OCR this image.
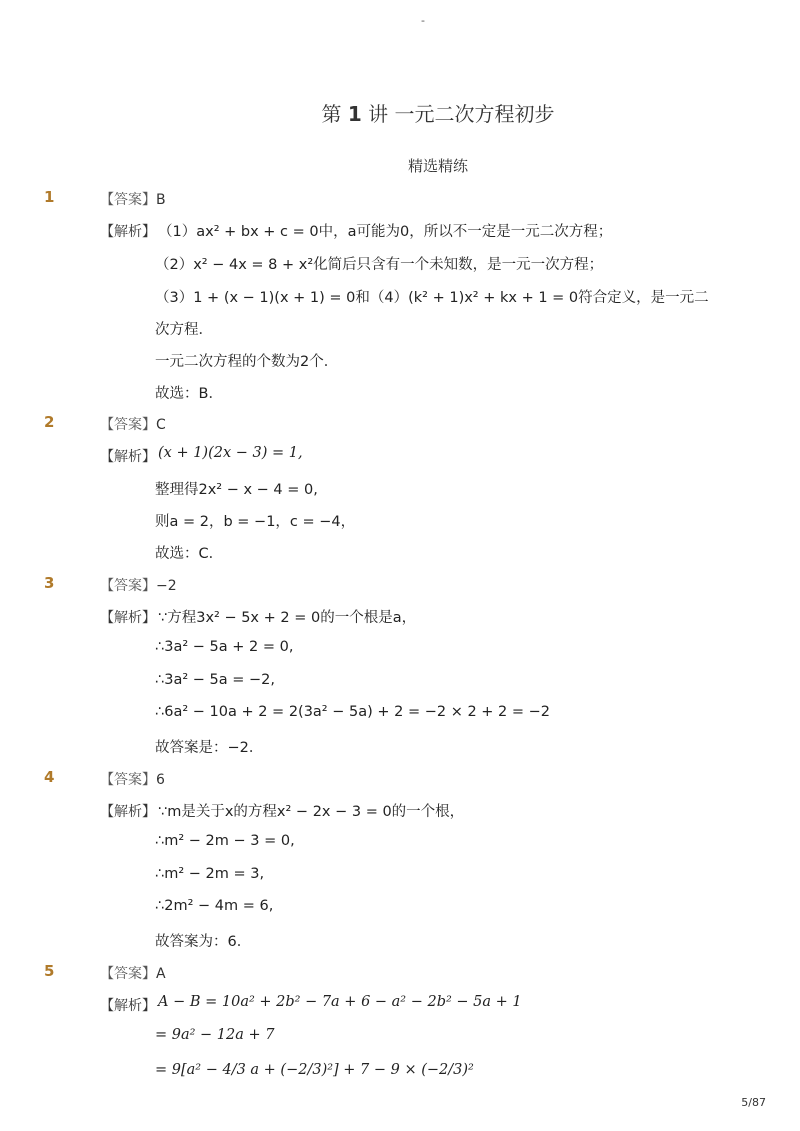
-
第 1 讲 一元二次方程初步
精选精练
1	【答案】B
【解析】 （1）ax² + bx + c = 0中，a可能为0，所以不一定是一元二次方程；
（2）x² − 4x = 8 + x²化简后只含有一个未知数，是一元一次方程；
（3）1 + (x − 1)(x + 1) = 0和（4）(k² + 1)x² + kx + 1 = 0符合定义，是一元二
次方程．
一元二次方程的个数为2个．
故选：B．
2	【答案】C
【解析】 (x + 1)(2x − 3) = 1,
整理得2x² − x − 4 = 0,
则a = 2，b = −1，c = −4，
故选：C．
3	【答案】−2
【解析】 ∵方程3x² − 5x + 2 = 0的一个根是a，
∴3a² − 5a + 2 = 0,
∴3a² − 5a = −2,
∴6a² − 10a + 2 = 2(3a² − 5a) + 2 = −2 × 2 + 2 = −2
故答案是：−2．
4	【答案】6
【解析】 ∵m是关于x的方程x² − 2x − 3 = 0的一个根，
∴m² − 2m − 3 = 0,
∴m² − 2m = 3,
∴2m² − 4m = 6,
故答案为：6．
5	【答案】A
【解析】 A − B = 10a² + 2b² − 7a + 6 − a² − 2b² − 5a + 1
= 9a² − 12a + 7
= 9[a² − 4/3 a + (−2/3)²] + 7 − 9 × (−2/3)²
5/87
